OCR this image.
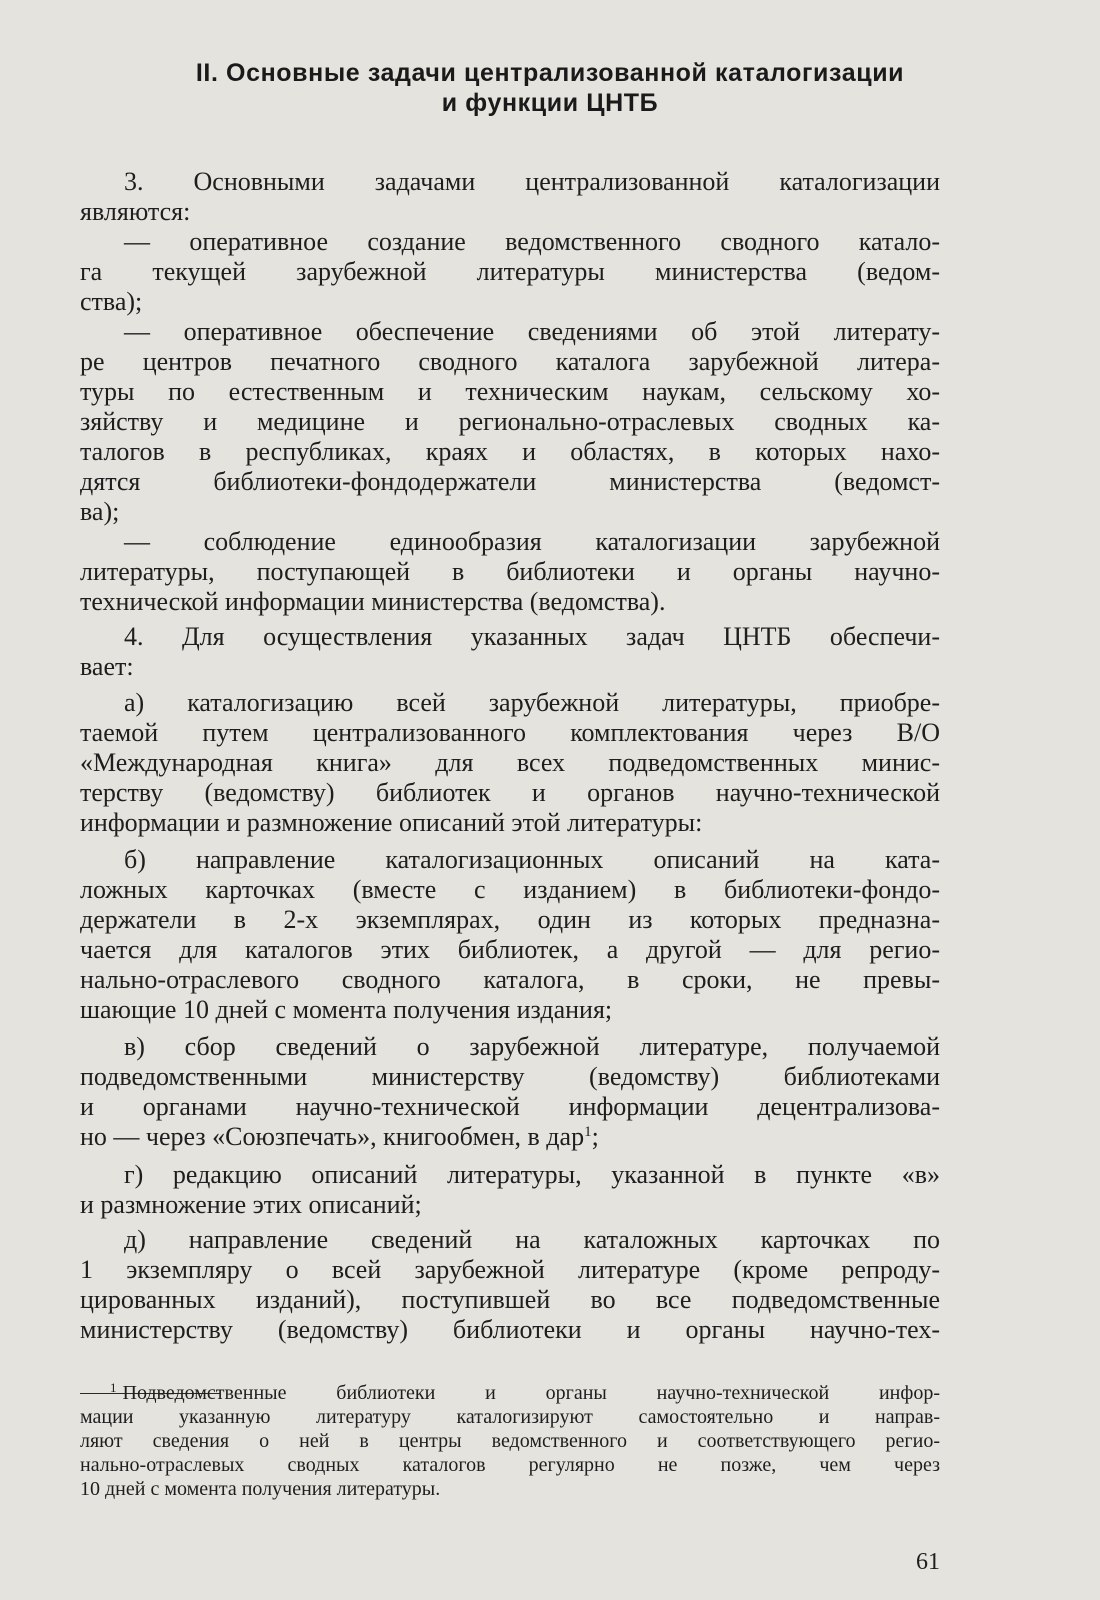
II. Основные задачи централизованной каталогизации
и функции ЦНТБ
3. Основными задачами централизованной каталогизации
являются:
— оперативное создание ведомственного сводного катало-
га текущей зарубежной литературы министерства (ведом-
ства);
— оперативное обеспечение сведениями об этой литерату-
ре центров печатного сводного каталога зарубежной литера-
туры по естественным и техническим наукам, сельскому хо-
зяйству и медицине и регионально-отраслевых сводных ка-
талогов в республиках, краях и областях, в которых нахо-
дятся библиотеки-фондодержатели министерства (ведомст-
ва);
— соблюдение единообразия каталогизации зарубежной
литературы, поступающей в библиотеки и органы научно-
технической информации министерства (ведомства).
4. Для осуществления указанных задач ЦНТБ обеспечи-
вает:
а) каталогизацию всей зарубежной литературы, приобре-
таемой путем централизованного комплектования через В/О
«Международная книга» для всех подведомственных минис-
терству (ведомству) библиотек и органов научно-технической
информации и размножение описаний этой литературы:
б) направление каталогизационных описаний на ката-
ложных карточках (вместе с изданием) в библиотеки-фондо-
держатели в 2-х экземплярах, один из которых предназна-
чается для каталогов этих библиотек, а другой — для регио-
нально-отраслевого сводного каталога, в сроки, не превы-
шающие 10 дней с момента получения издания;
в) сбор сведений о зарубежной литературе, получаемой
подведомственными министерству (ведомству) библиотеками
и органами научно-технической информации децентрализова-
но — через «Союзпечать», книгообмен, в дар$^1$;
г) редакцию описаний литературы, указанной в пункте «в»
и размножение этих описаний;
д) направление сведений на каталожных карточках по
1 экземпляру о всей зарубежной литературе (кроме репроду-
цированных изданий), поступившей во все подведомственные
министерству (ведомству) библиотеки и органы научно-тех-
$^1$ Подведомственные библиотеки и органы научно-технической инфор-
мации указанную литературу каталогизируют самостоятельно и направ-
ляют сведения о ней в центры ведомственного и соответствующего регио-
нально-отраслевых сводных каталогов регулярно не позже, чем через
10 дней с момента получения литературы.
61
